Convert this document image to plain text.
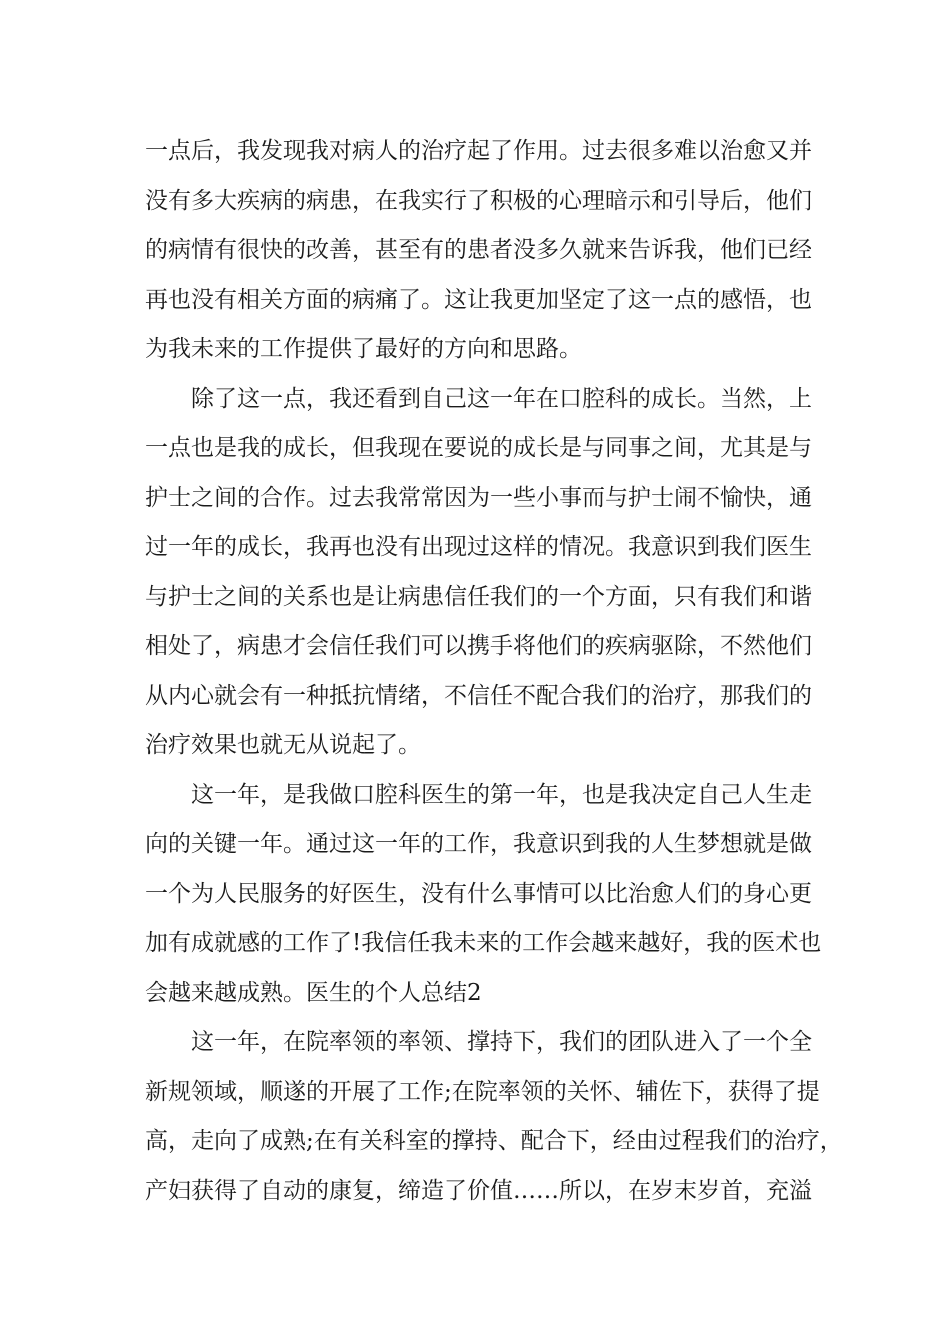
一点后，我发现我对病人的治疗起了作用。过去很多难以治愈又并
没有多大疾病的病患，在我实行了积极的心理暗示和引导后，他们
的病情有很快的改善，甚至有的患者没多久就来告诉我，他们已经
再也没有相关方面的病痛了。这让我更加坚定了这一点的感悟，也
为我未来的工作提供了最好的方向和思路。
除了这一点，我还看到自己这一年在口腔科的成长。当然，上
一点也是我的成长，但我现在要说的成长是与同事之间，尤其是与
护士之间的合作。过去我常常因为一些小事而与护士闹不愉快，通
过一年的成长，我再也没有出现过这样的情况。我意识到我们医生
与护士之间的关系也是让病患信任我们的一个方面，只有我们和谐
相处了，病患才会信任我们可以携手将他们的疾病驱除，不然他们
从内心就会有一种抵抗情绪，不信任不配合我们的治疗，那我们的
治疗效果也就无从说起了。
这一年，是我做口腔科医生的第一年，也是我决定自己人生走
向的关键一年。通过这一年的工作，我意识到我的人生梦想就是做
一个为人民服务的好医生，没有什么事情可以比治愈人们的身心更
加有成就感的工作了!我信任我未来的工作会越来越好，我的医术也
会越来越成熟。医生的个人总结2
这一年，在院率领的率领、撑持下，我们的团队进入了一个全
新规领域，顺遂的开展了工作;在院率领的关怀、辅佐下，获得了提
高，走向了成熟;在有关科室的撑持、配合下，经由过程我们的治疗，
产妇获得了自动的康复，缔造了价值……所以，在岁末岁首，充溢
